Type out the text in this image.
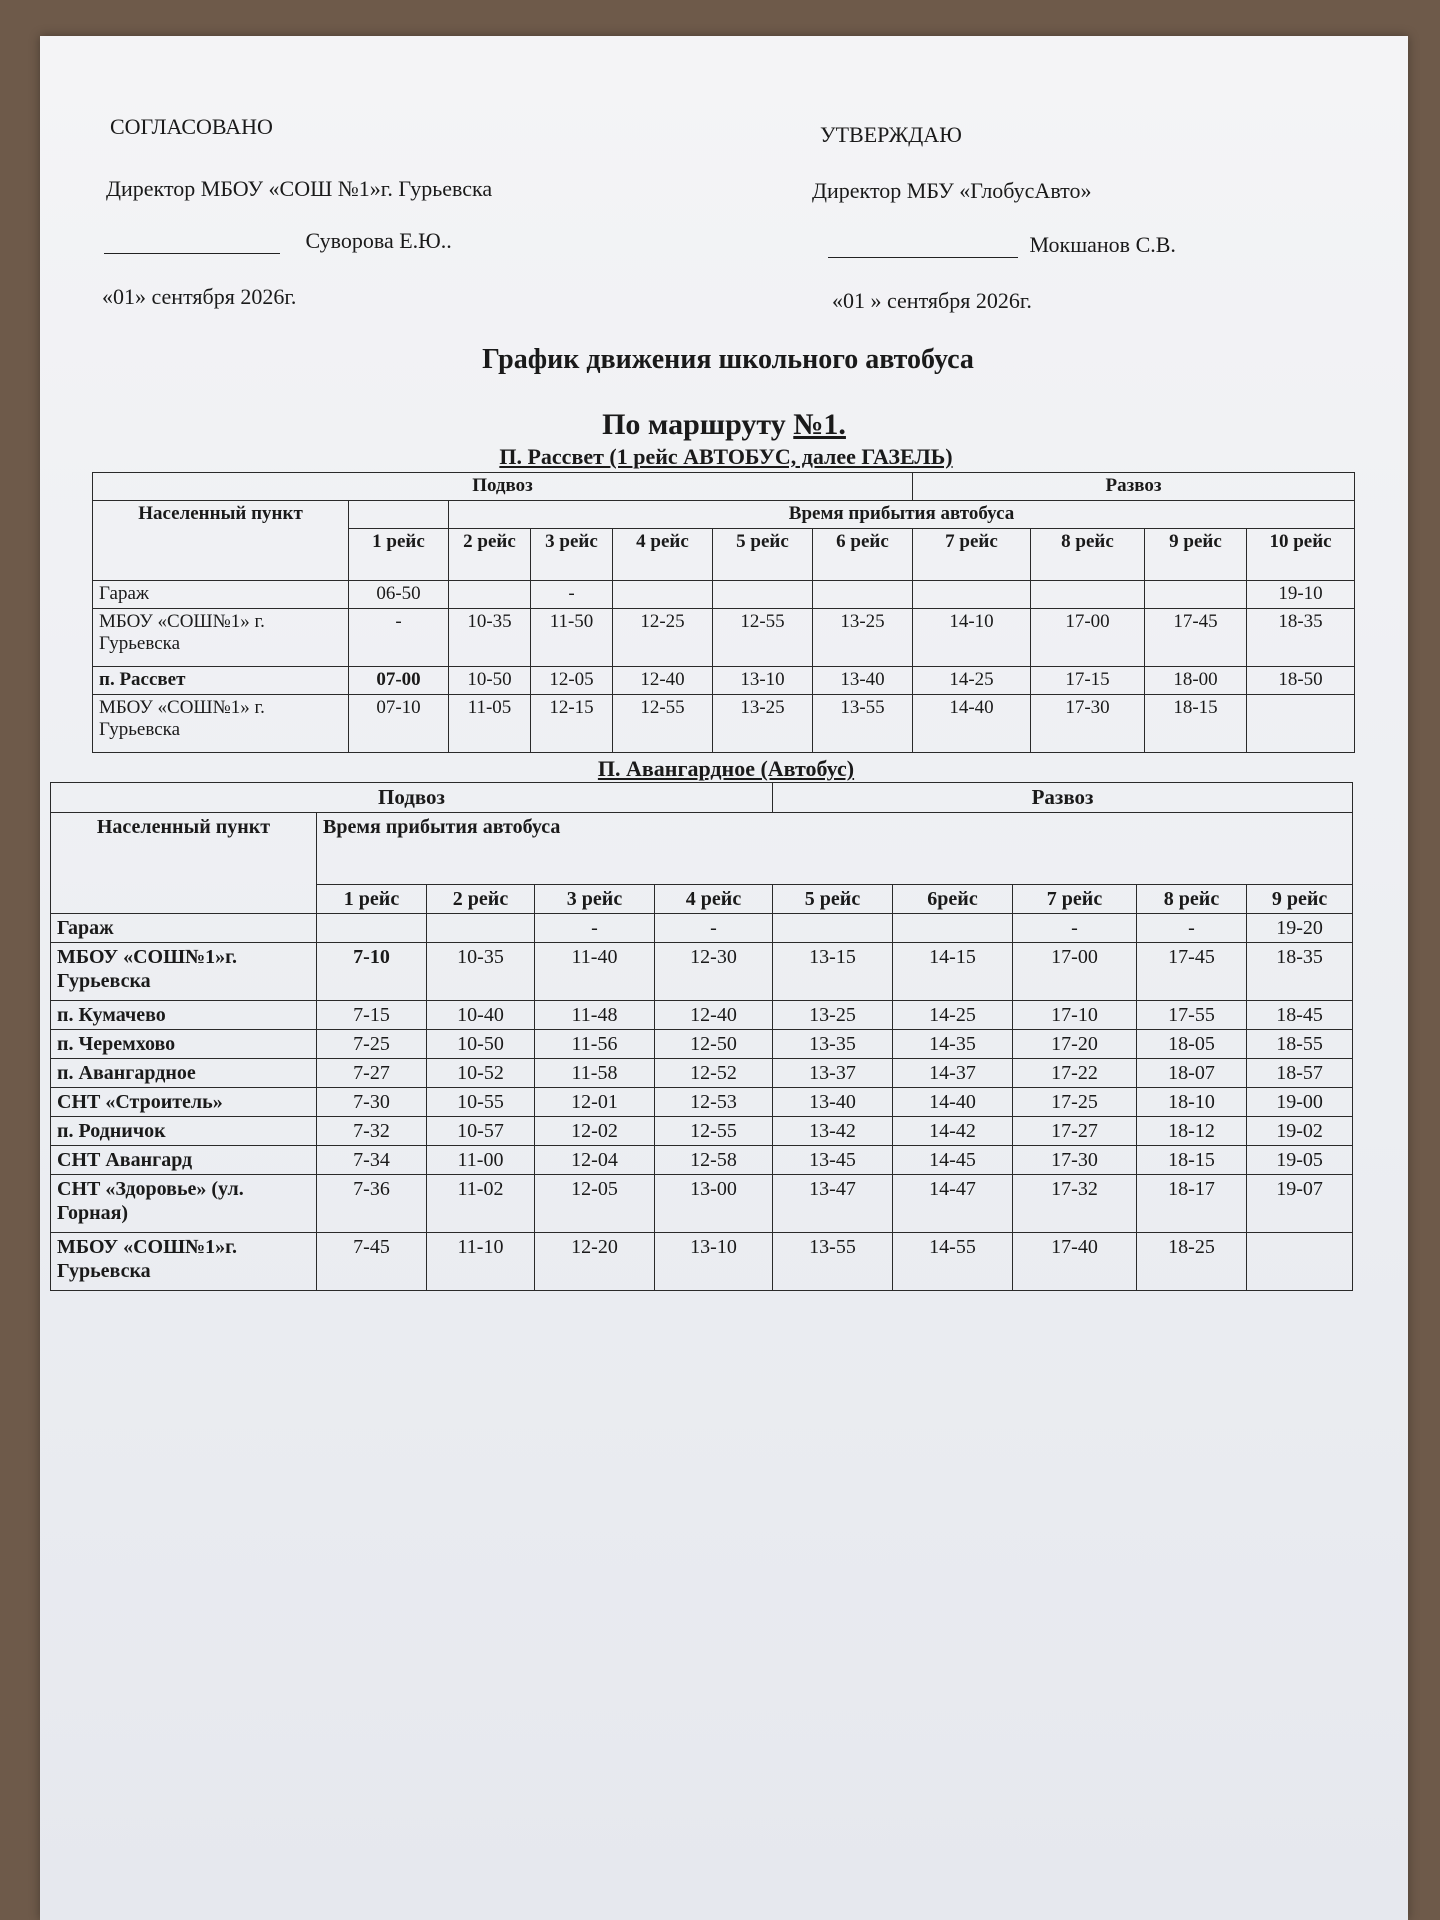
СОГЛАСОВАНО
Директор МБОУ «СОШ №1»г. Гурьевска
Суворова Е.Ю..
«01» сентября 2026г.
УТВЕРЖДАЮ
Директор МБУ «ГлобусАвто»
Мокшанов С.В.
«01 » сентября 2026г.
График движения школьного автобуса
По маршруту №1.
П. Рассвет (1 рейс АВТОБУС, далее ГАЗЕЛЬ)
Подвоз							Развоз			
Населенный пункт		Время прибытия автобуса								
	1 рейс	2 рейс	3 рейс	4 рейс	5 рейс	6 рейс	7 рейс	8 рейс	9 рейс	10 рейс
Гараж	06-50		-							19-10
МБОУ «СОШ№1» г. Гурьевска	-	10-35	11-50	12-25	12-55	13-25	14-10	17-00	17-45	18-35
п. Рассвет	07-00	10-50	12-05	12-40	13-10	13-40	14-25	17-15	18-00	18-50
МБОУ «СОШ№1» г. Гурьевска	07-10	11-05	12-15	12-55	13-25	13-55	14-40	17-30	18-15	
П. Авангардное (Автобус)
Подвоз					Развоз				
Населенный пункт	Время прибытия автобуса								
	1 рейс	2 рейс	3 рейс	4 рейс	5 рейс	6рейс	7 рейс	8 рейс	9 рейс
Гараж			-	-			-	-	19-20
МБОУ «СОШ№1»г. Гурьевска	7-10	10-35	11-40	12-30	13-15	14-15	17-00	17-45	18-35
п. Кумачево	7-15	10-40	11-48	12-40	13-25	14-25	17-10	17-55	18-45
п. Черемхово	7-25	10-50	11-56	12-50	13-35	14-35	17-20	18-05	18-55
п. Авангардное	7-27	10-52	11-58	12-52	13-37	14-37	17-22	18-07	18-57
СНТ «Строитель»	7-30	10-55	12-01	12-53	13-40	14-40	17-25	18-10	19-00
п. Родничок	7-32	10-57	12-02	12-55	13-42	14-42	17-27	18-12	19-02
СНТ Авангард	7-34	11-00	12-04	12-58	13-45	14-45	17-30	18-15	19-05
СНТ «Здоровье» (ул. Горная)	7-36	11-02	12-05	13-00	13-47	14-47	17-32	18-17	19-07
МБОУ «СОШ№1»г. Гурьевска	7-45	11-10	12-20	13-10	13-55	14-55	17-40	18-25	
